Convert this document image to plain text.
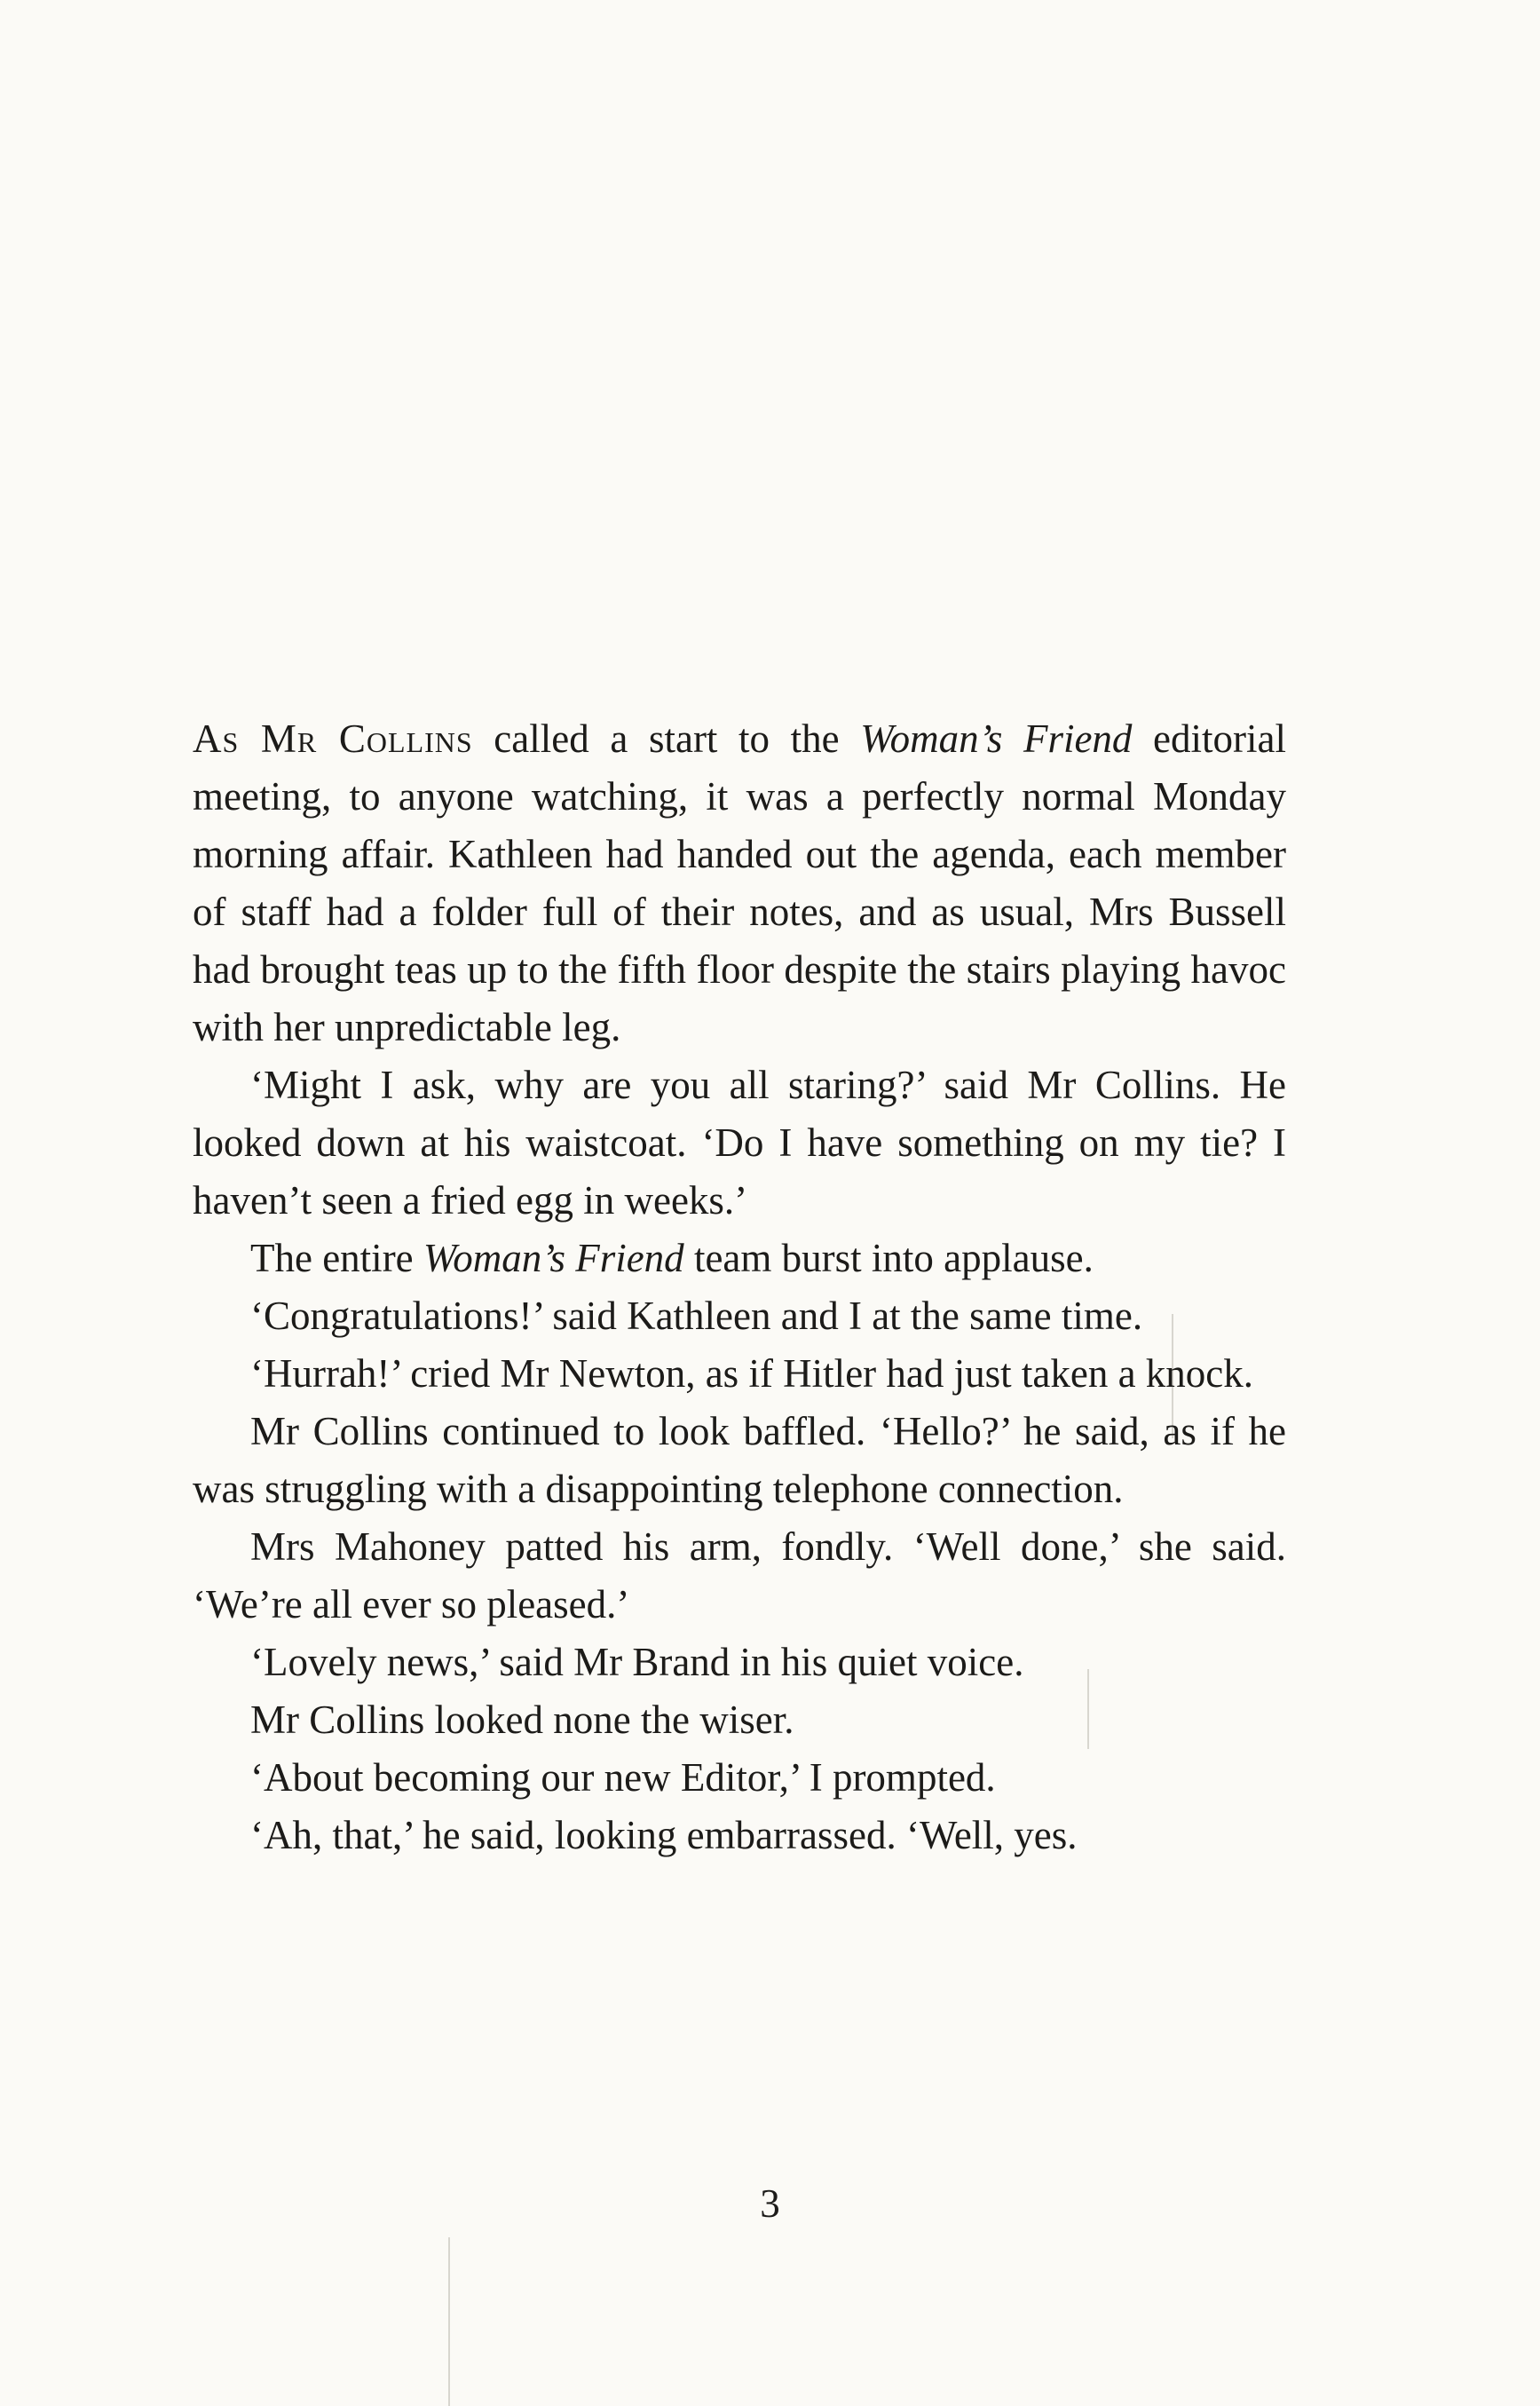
As Mr Collins called a start to the Woman’s Friend editorial meeting, to anyone watching, it was a perfectly normal Monday morning affair. Kathleen had handed out the agenda, each member of staff had a folder full of their notes, and as usual, Mrs Bussell had brought teas up to the fifth floor despite the stairs playing havoc with her unpredictable leg.

‘Might I ask, why are you all staring?’ said Mr Collins. He looked down at his waistcoat. ‘Do I have something on my tie? I haven’t seen a fried egg in weeks.’

The entire Woman’s Friend team burst into applause.

‘Congratulations!’ said Kathleen and I at the same time.

‘Hurrah!’ cried Mr Newton, as if Hitler had just taken a knock.

Mr Collins continued to look baffled. ‘Hello?’ he said, as if he was struggling with a disappointing telephone connection.

Mrs Mahoney patted his arm, fondly. ‘Well done,’ she said. ‘We’re all ever so pleased.’

‘Lovely news,’ said Mr Brand in his quiet voice.

Mr Collins looked none the wiser.

‘About becoming our new Editor,’ I prompted.

‘Ah, that,’ he said, looking embarrassed. ‘Well, yes.

3
